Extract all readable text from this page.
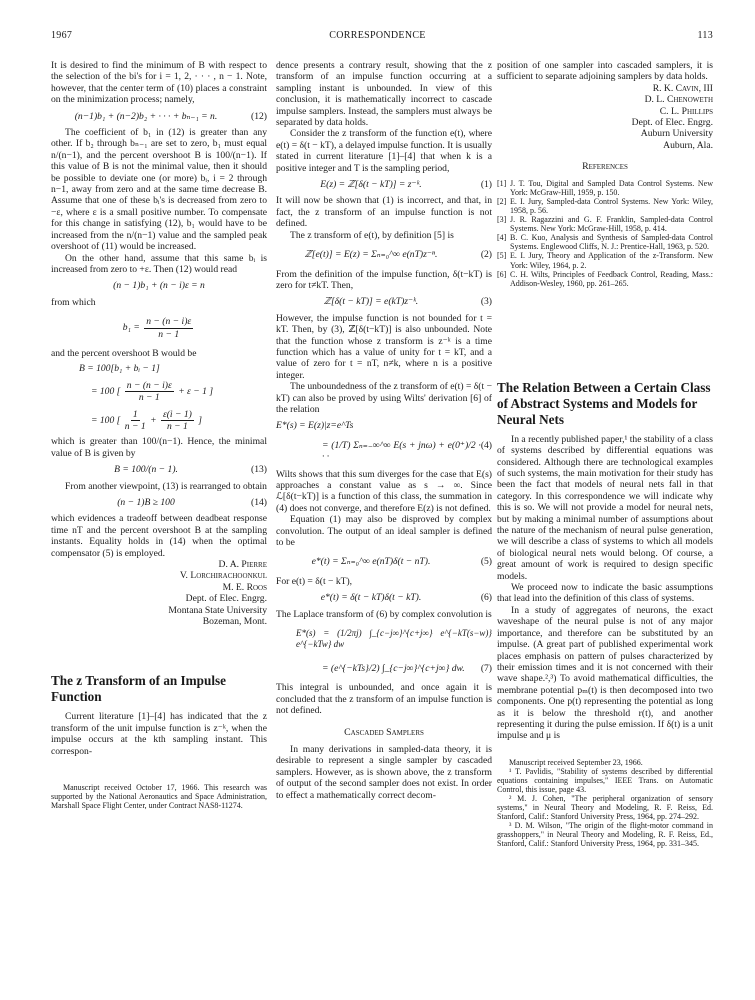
1967	CORRESPONDENCE	113

It is desired to find the minimum of B with respect to the selection of the bi's for i = 1, 2, · · · , n − 1. Note, however, that the center term of (10) places a constraint on the minimization process; namely,

(n−1)b₁ + (n−2)b₂ + · · · + bₙ₋₁ = n.	(12)

The coefficient of b₁ in (12) is greater than any other. If b₂ through bₙ₋₁ are set to zero, b₁ must equal n/(n−1), and the percent overshoot B is 100/(n−1). If this value of B is not the minimal value, then it should be possible to deviate one (or more) bᵢ, i = 2 through n−1, away from zero and at the same time decrease B. Assume that one of these bᵢ's is decreased from zero to −ε, where ε is a small positive number. To compensate for this change in satisfying (12), b₁ would have to be increased from the n/(n−1) value and the sampled peak overshoot of (11) would be increased.

On the other hand, assume that this same bᵢ is increased from zero to +ε. Then (12) would read

(n − 1)b₁ + (n − i)ε = n

from which

$b_1 = \frac{n - (n - i)\varepsilon}{n - 1}$

and the percent overshoot B would be

B = 100[b₁ + bᵢ − 1]
= 100 [ $\frac{n - (n - i)\varepsilon}{n - 1} + \varepsilon - 1$ ]
= 100 [ $\frac{1}{n - 1} + \frac{\varepsilon(i - 1)}{n - 1}$ ]

which is greater than 100/(n−1). Hence, the minimal value of B is given by

B = 100/(n − 1).	(13)

From another viewpoint, (13) is rearranged to obtain

(n − 1)B ≥ 100	(14)

which evidences a tradeoff between deadbeat response time nT and the percent overshoot B at the sampling instants. Equality holds in (14) when the optimal compensator (5) is employed.

D. A. Pierre
V. Lorchirachoonkul
M. E. Roos
Dept. of Elec. Engrg.
Montana State University
Bozeman, Mont.
The z Transform of an Impulse Function

Current literature [1]–[4] has indicated that the z transform of the unit impulse function is z⁻ᵏ, when the impulse occurs at the kth sampling instant. This correspon-

Manuscript received October 17, 1966. This research was supported by the National Aeronautics and Space Administration, Marshall Space Flight Center, under Contract NAS8-11274.

dence presents a contrary result, showing that the z transform of an impulse function occurring at a sampling instant is unbounded. In view of this conclusion, it is mathematically incorrect to cascade impulse samplers. Instead, the samplers must always be separated by data holds.

Consider the z transform of the function e(t), where e(t) = δ(t − kT), a delayed impulse function. It is usually stated in current literature [1]–[4] that when k is a positive integer and T is the sampling period,

E(z) = ℤ[δ(t − kT)] = z⁻ᵏ.	(1)

It will now be shown that (1) is incorrect, and that, in fact, the z transform of an impulse function is not defined.

The z transform of e(t), by definition [5] is

ℤ[e(t)] = E(z) = Σₙ₌₀^∞ e(nT)z⁻ⁿ.	(2)

From the definition of the impulse function, δ(t−kT) is zero for t≠kT. Then,

ℤ[δ(t − kT)] = e(kT)z⁻ᵏ.	(3)

However, the impulse function is not bounded for t = kT. Then, by (3), ℤ[δ(t−kT)] is also unbounded. Note that the function whose z transform is z⁻ᵏ is a time function which has a value of unity for t = kT, and a value of zero for t = nT, n≠k, where n is a positive integer.

The unboundedness of the z transform of e(t) = δ(t − kT) can also be proved by using Wilts' derivation [6] of the relation

E*(s) = E(z)|z=e^Ts
= (1/T) Σₙ₌₋∞^∞ E(s + jnω) + e(0⁺)/2 · · ·
(4)

Wilts shows that this sum diverges for the case that E(s) approaches a constant value as s → ∞. Since ℒ[δ(t−kT)] is a function of this class, the summation in (4) does not converge, and therefore E(z) is not defined.

Equation (1) may also be disproved by complex convolution. The output of an ideal sampler is defined to be

e*(t) = Σₙ₌₀^∞ e(nT)δ(t − nT).	(5)

For e(t) = δ(t − kT),

e*(t) = δ(t − kT)δ(t − kT).	(6)

The Laplace transform of (6) by complex convolution is

E*(s) = (1/2πj) ∫_{c−j∞}^{c+j∞} e^{−kT(s−w)} e^{−kTw} dw
= (e^{−kTs}/2) ∫_{c−j∞}^{c+j∞} dw. (7)

This integral is unbounded, and once again it is concluded that the z transform of an impulse function is not defined.

Cascaded Samplers

In many derivations in sampled-data theory, it is desirable to represent a single sampler by cascaded samplers. However, as is shown above, the z transform of output of the second sampler does not exist. In order to effect a mathematically correct decom-

position of one sampler into cascaded samplers, it is sufficient to separate adjoining samplers by data holds.

R. K. Cavin, III
D. L. Chenoweth
C. L. Phillips
Dept. of Elec. Engrg.
Auburn University
Auburn, Ala.
References
[1] J. T. Tou, Digital and Sampled Data Control Systems. New York: McGraw-Hill, 1959, p. 150.
[2] E. I. Jury, Sampled-data Control Systems. New York: Wiley, 1958, p. 56.
[3] J. R. Ragazzini and G. F. Franklin, Sampled-data Control Systems. New York: McGraw-Hill, 1958, p. 414.
[4] B. C. Kuo, Analysis and Synthesis of Sampled-data Control Systems. Englewood Cliffs, N. J.: Prentice-Hall, 1963, p. 520.
[5] E. I. Jury, Theory and Application of the z-Transform. New York: Wiley, 1964, p. 2.
[6] C. H. Wilts, Principles of Feedback Control, Reading, Mass.: Addison-Wesley, 1960, pp. 261–265.
The Relation Between a Certain Class of Abstract Systems and Models for Neural Nets

In a recently published paper,¹ the stability of a class of systems described by differential equations was considered. Although there are technological examples of such systems, the main motivation for their study has been the fact that models of neural nets fall in that category. In this correspondence we will indicate why this is so. We will not provide a model for neural nets, but by making a minimal number of assumptions about the nature of the mechanism of neural pulse generation, we will describe a class of systems to which all models of biological neural nets would belong. Of course, a great amount of work is required to design specific models.

We proceed now to indicate the basic assumptions that lead into the definition of this class of systems.

In a study of aggregates of neurons, the exact waveshape of the neural pulse is not of any major importance, and therefore can be substituted by an impulse. (A great part of published experimental work places emphasis on pattern of pulses characterized by their emission times and it is not concerned with their wave shape.²,³) To avoid mathematical difficulties, the membrane potential pₘ(t) is then decomposed into two components. One p(t) representing the potential as long as it is below the threshold r(t), and another representing it during the pulse emission. If δ(t) is a unit impulse and μ is

Manuscript received September 23, 1966.

¹ T. Pavlidis, "Stability of systems described by differential equations containing impulses," IEEE Trans. on Automatic Control, this issue, page 43.

² M. J. Cohen, "The peripheral organization of sensory systems," in Neural Theory and Modeling, R. F. Reiss, Ed. Stanford, Calif.: Stanford University Press, 1964, pp. 274–292.

³ D. M. Wilson, "The origin of the flight-motor command in grasshoppers," in Neural Theory and Modeling, R. F. Reiss, Ed., Stanford, Calif.: Stanford University Press, 1964, pp. 331–345.
